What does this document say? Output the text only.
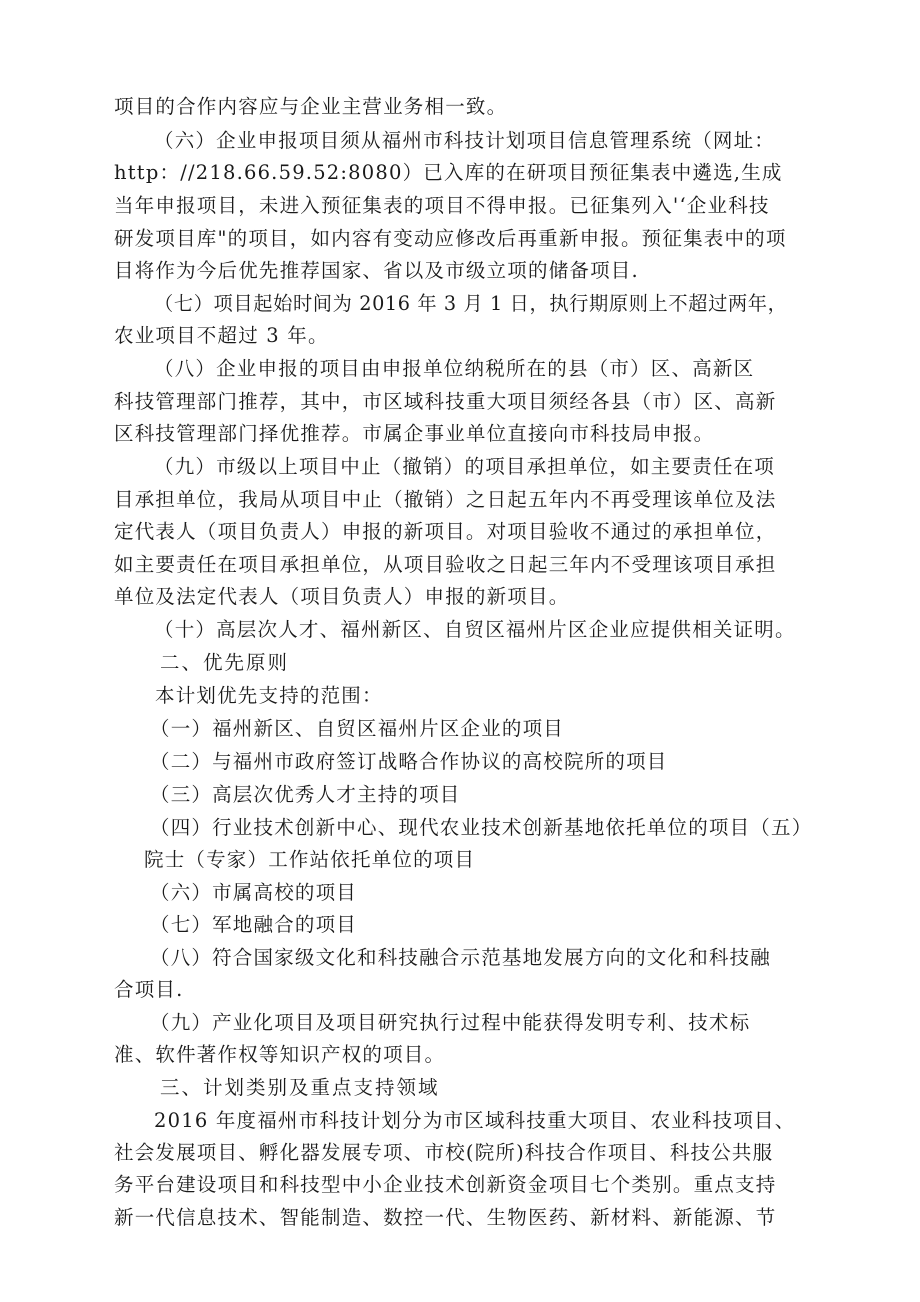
项目的合作内容应与企业主营业务相一致。
（六）企业申报项目须从福州市科技计划项目信息管理系统（网址：
http：//218.66.59.52:8080）已入库的在研项目预征集表中遴选,生成
当年申报项目，未进入预征集表的项目不得申报。已征集列入'‘企业科技
研发项目库"的项目，如内容有变动应修改后再重新申报。预征集表中的项
目将作为今后优先推荐国家、省以及市级立项的储备项目.
（七）项目起始时间为 2016 年 3 月 1 日，执行期原则上不超过两年，
农业项目不超过 3 年。
（八）企业申报的项目由申报单位纳税所在的县（市）区、高新区
科技管理部门推荐，其中，市区域科技重大项目须经各县（市）区、高新
区科技管理部门择优推荐。市属企事业单位直接向市科技局申报。
（九）市级以上项目中止（撤销）的项目承担单位，如主要责任在项
目承担单位，我局从项目中止（撤销）之日起五年内不再受理该单位及法
定代表人（项目负责人）申报的新项目。对项目验收不通过的承担单位，
如主要责任在项目承担单位，从项目验收之日起三年内不受理该项目承担
单位及法定代表人（项目负责人）申报的新项目。
（十）高层次人才、福州新区、自贸区福州片区企业应提供相关证明。
二、优先原则
本计划优先支持的范围：
（一）福州新区、自贸区福州片区企业的项目
（二）与福州市政府签订战略合作协议的高校院所的项目
（三）高层次优秀人才主持的项目
（四）行业技术创新中心、现代农业技术创新基地依托单位的项目（五）
院士（专家）工作站依托单位的项目
（六）市属高校的项目
（七）军地融合的项目
（八）符合国家级文化和科技融合示范基地发展方向的文化和科技融
合项目.
（九）产业化项目及项目研究执行过程中能获得发明专利、技术标
准、软件著作权等知识产权的项目。
三、计划类别及重点支持领域
2016 年度福州市科技计划分为市区域科技重大项目、农业科技项目、
社会发展项目、孵化器发展专项、市校(院所)科技合作项目、科技公共服
务平台建设项目和科技型中小企业技术创新资金项目七个类别。重点支持
新一代信息技术、智能制造、数控一代、生物医药、新材料、新能源、节
